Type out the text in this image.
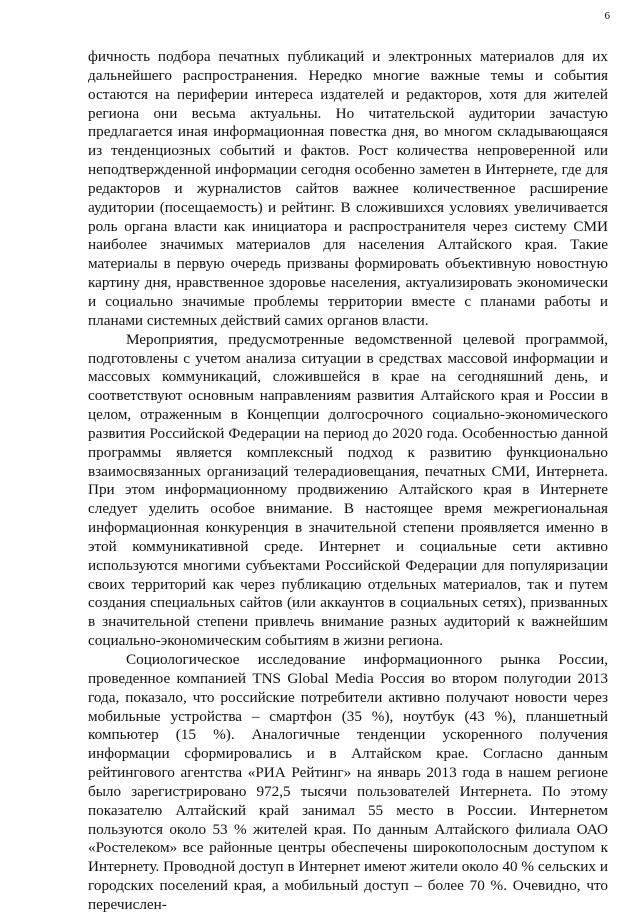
6

фичность подбора печатных публикаций и электронных материалов для их дальнейшего распространения. Нередко многие важные темы и события остаются на периферии интереса издателей и редакторов, хотя для жителей региона они весьма актуальны. Но читательской аудитории зачастую предлагается иная информационная повестка дня, во многом складывающаяся из тенденциозных событий и фактов. Рост количества непроверенной или неподтвержденной информации сегодня особенно заметен в Интернете, где для редакторов и журналистов сайтов важнее количественное расширение аудитории (посещаемость) и рейтинг. В сложившихся условиях увеличивается роль органа власти как инициатора и распространителя через систему СМИ наиболее значимых материалов для населения Алтайского края. Такие материалы в первую очередь призваны формировать объективную новостную картину дня, нравственное здоровье населения, актуализировать экономически и социально значимые проблемы территории вместе с планами работы и планами системных действий самих органов власти.

Мероприятия, предусмотренные ведомственной целевой программой, подготовлены с учетом анализа ситуации в средствах массовой информации и массовых коммуникаций, сложившейся в крае на сегодняшний день, и соответствуют основным направлениям развития Алтайского края и России в целом, отраженным в Концепции долгосрочного социально-экономического развития Российской Федерации на период до 2020 года. Особенностью данной программы является комплексный подход к развитию функционально взаимосвязанных организаций телерадиовещания, печатных СМИ, Интернета. При этом информационному продвижению Алтайского края в Интернете следует уделить особое внимание. В настоящее время межрегиональная информационная конкуренция в значительной степени проявляется именно в этой коммуникативной среде. Интернет и социальные сети активно используются многими субъектами Российской Федерации для популяризации своих территорий как через публикацию отдельных материалов, так и путем создания специальных сайтов (или аккаунтов в социальных сетях), призванных в значительной степени привлечь внимание разных аудиторий к важнейшим социально-экономическим событиям в жизни региона.

Социологическое исследование информационного рынка России, проведенное компанией TNS Global Media Россия во втором полугодии 2013 года, показало, что российские потребители активно получают новости через мобильные устройства – смартфон (35 %), ноутбук (43 %), планшетный компьютер (15 %). Аналогичные тенденции ускоренного получения информации сформировались и в Алтайском крае. Согласно данным рейтингового агентства «РИА Рейтинг» на январь 2013 года в нашем регионе было зарегистрировано 972,5 тысячи пользователей Интернета. По этому показателю Алтайский край занимал 55 место в России. Интернетом пользуются около 53 % жителей края. По данным Алтайского филиала ОАО «Ростелеком» все районные центры обеспечены широкополосным доступом к Интернету. Проводной доступ в Интернет имеют жители около 40 % сельских и городских поселений края, а мобильный доступ – более 70 %. Очевидно, что перечислен-
